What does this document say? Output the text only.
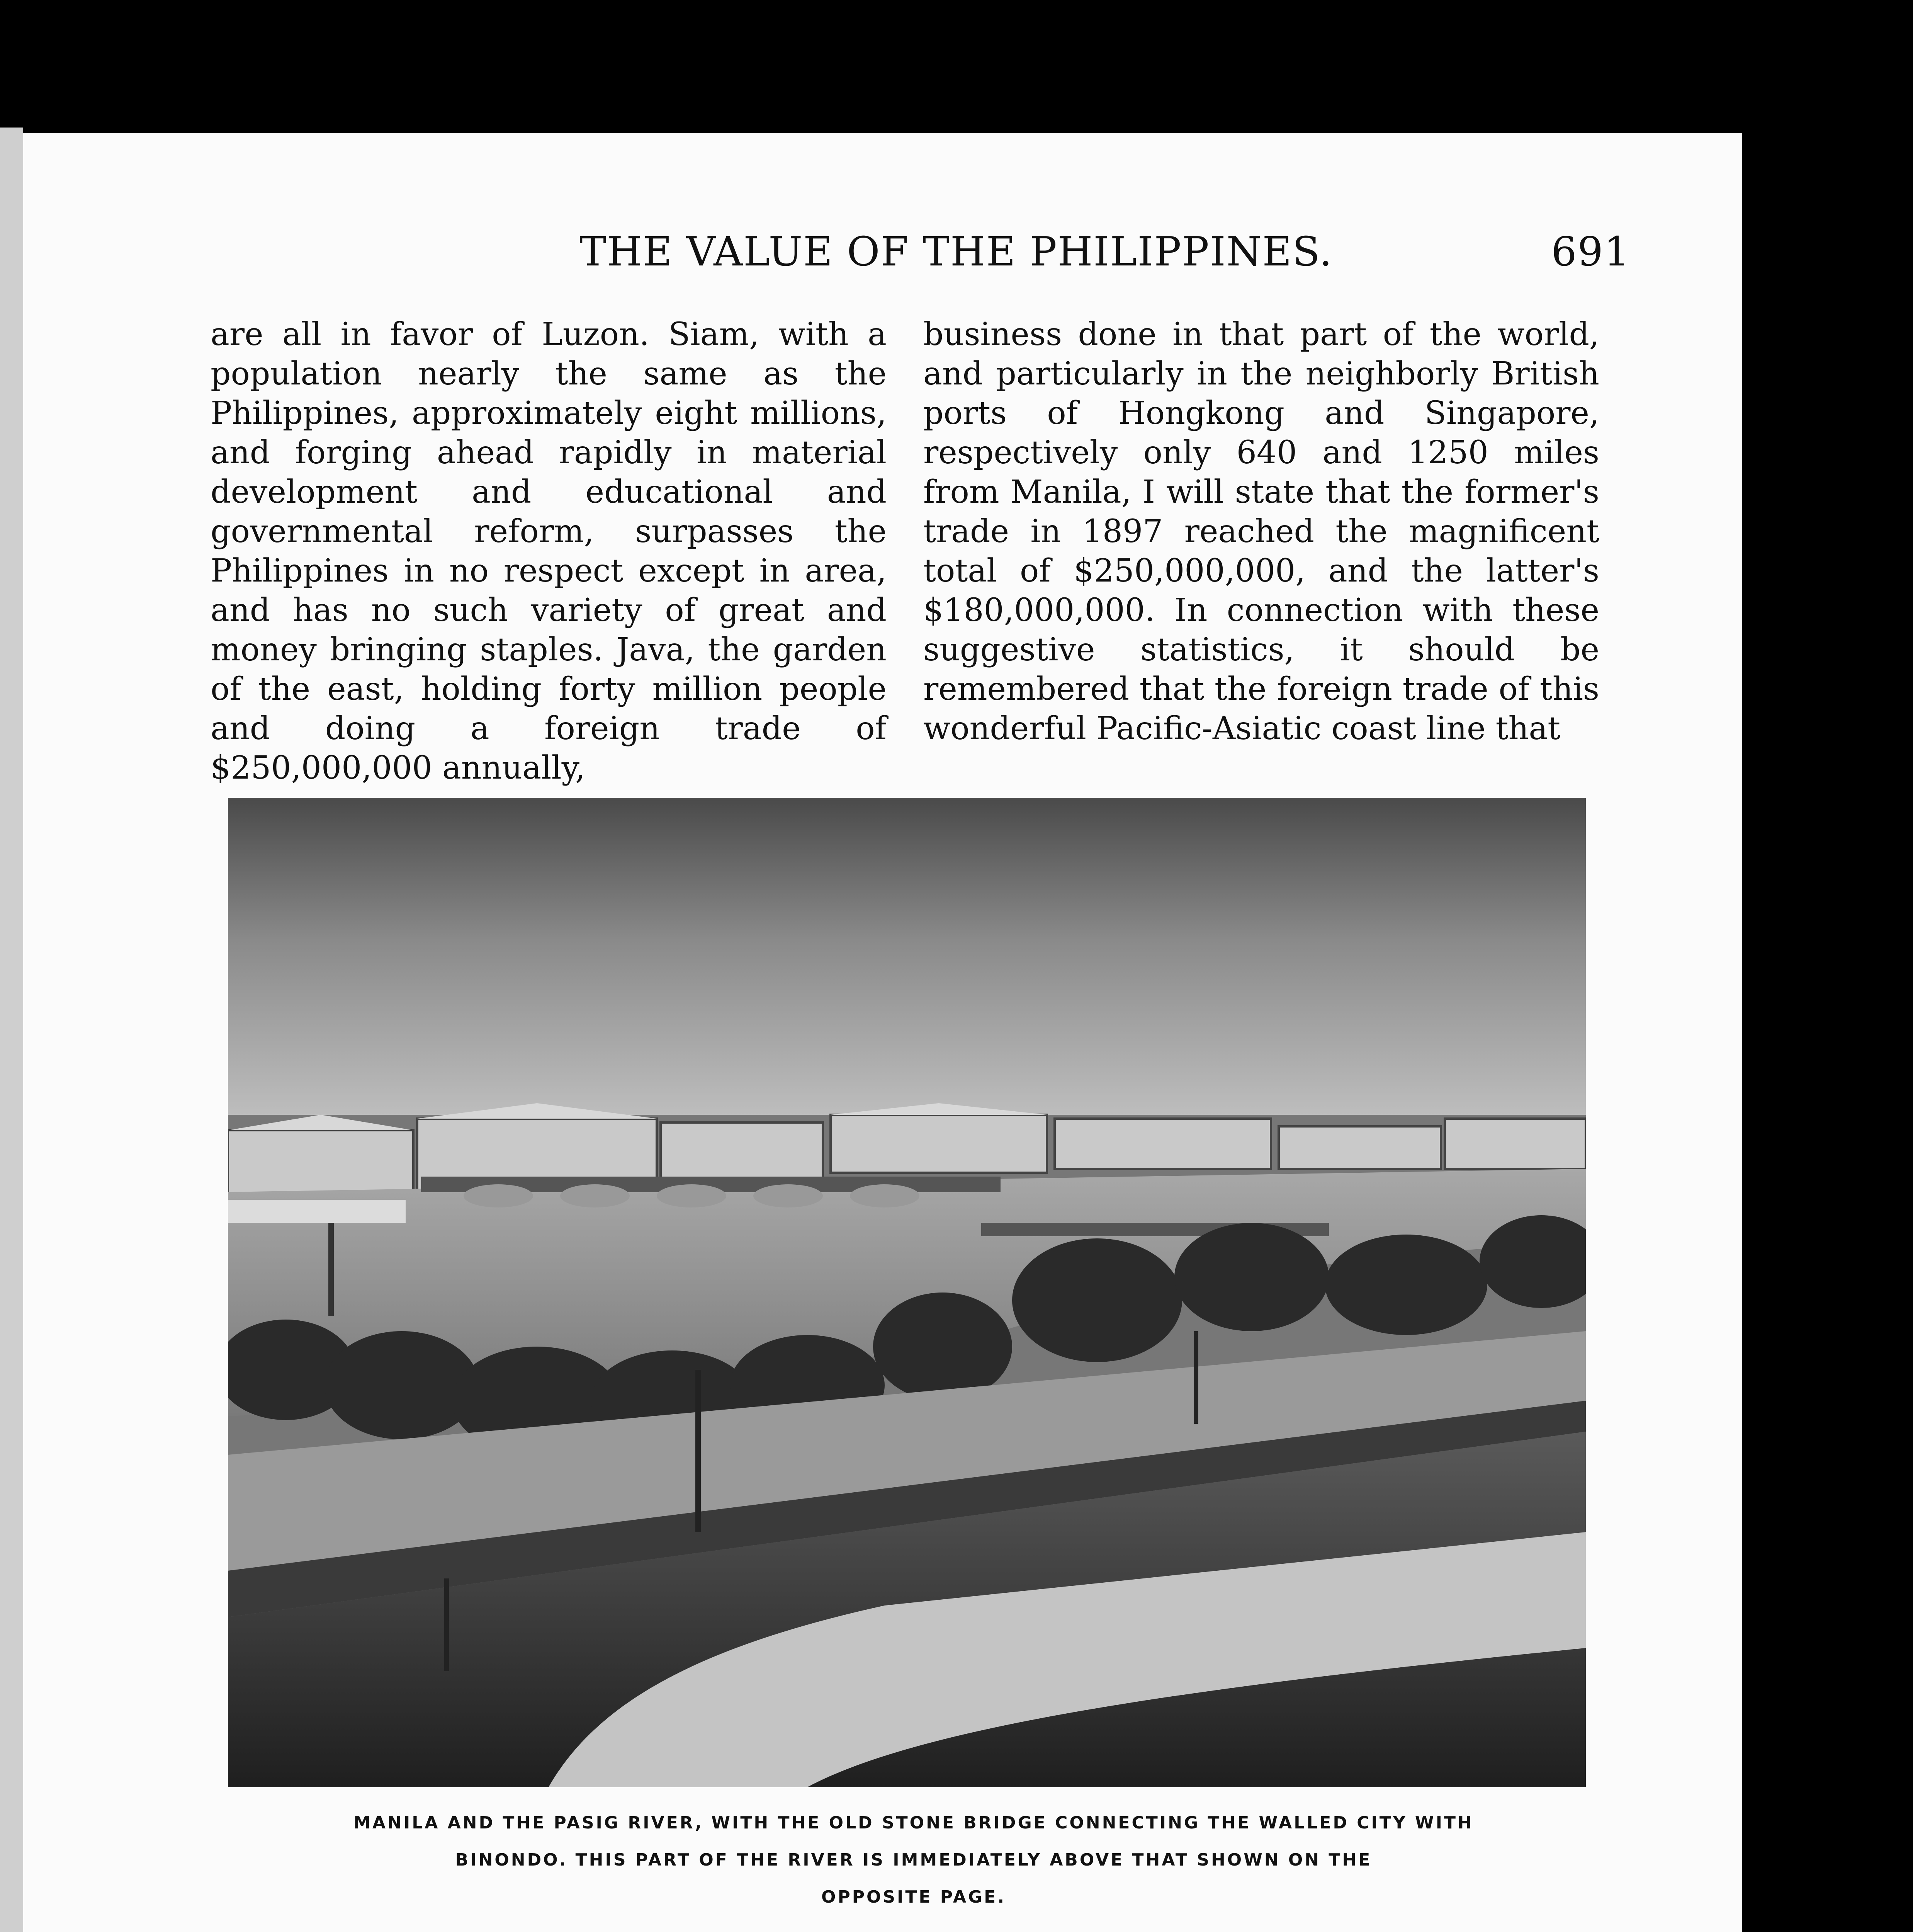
THE VALUE OF THE PHILIPPINES.	691

are all in favor of Luzon. Siam, with a population nearly the same as the Philippines, approximately eight millions, and forging ahead rapidly in material development and educational and governmental reform, surpasses the Philippines in no respect except in area, and has no such variety of great and money bringing staples. Java, the garden of the east, holding forty million people and doing a foreign trade of $250,000,000 annually,

business done in that part of the world, and particularly in the neighborly British ports of Hongkong and Singapore, respectively only 640 and 1250 miles from Manila, I will state that the former's trade in 1897 reached the magnificent total of $250,000,000, and the latter's $180,000,000. In connection with these suggestive statistics, it should be remembered that the foreign trade of this wonderful Pacific-Asiatic coast line that

MANILA AND THE PASIG RIVER, WITH THE OLD STONE BRIDGE CONNECTING THE WALLED CITY WITH
BINONDO. THIS PART OF THE RIVER IS IMMEDIATELY ABOVE THAT SHOWN ON THE
OPPOSITE PAGE.
